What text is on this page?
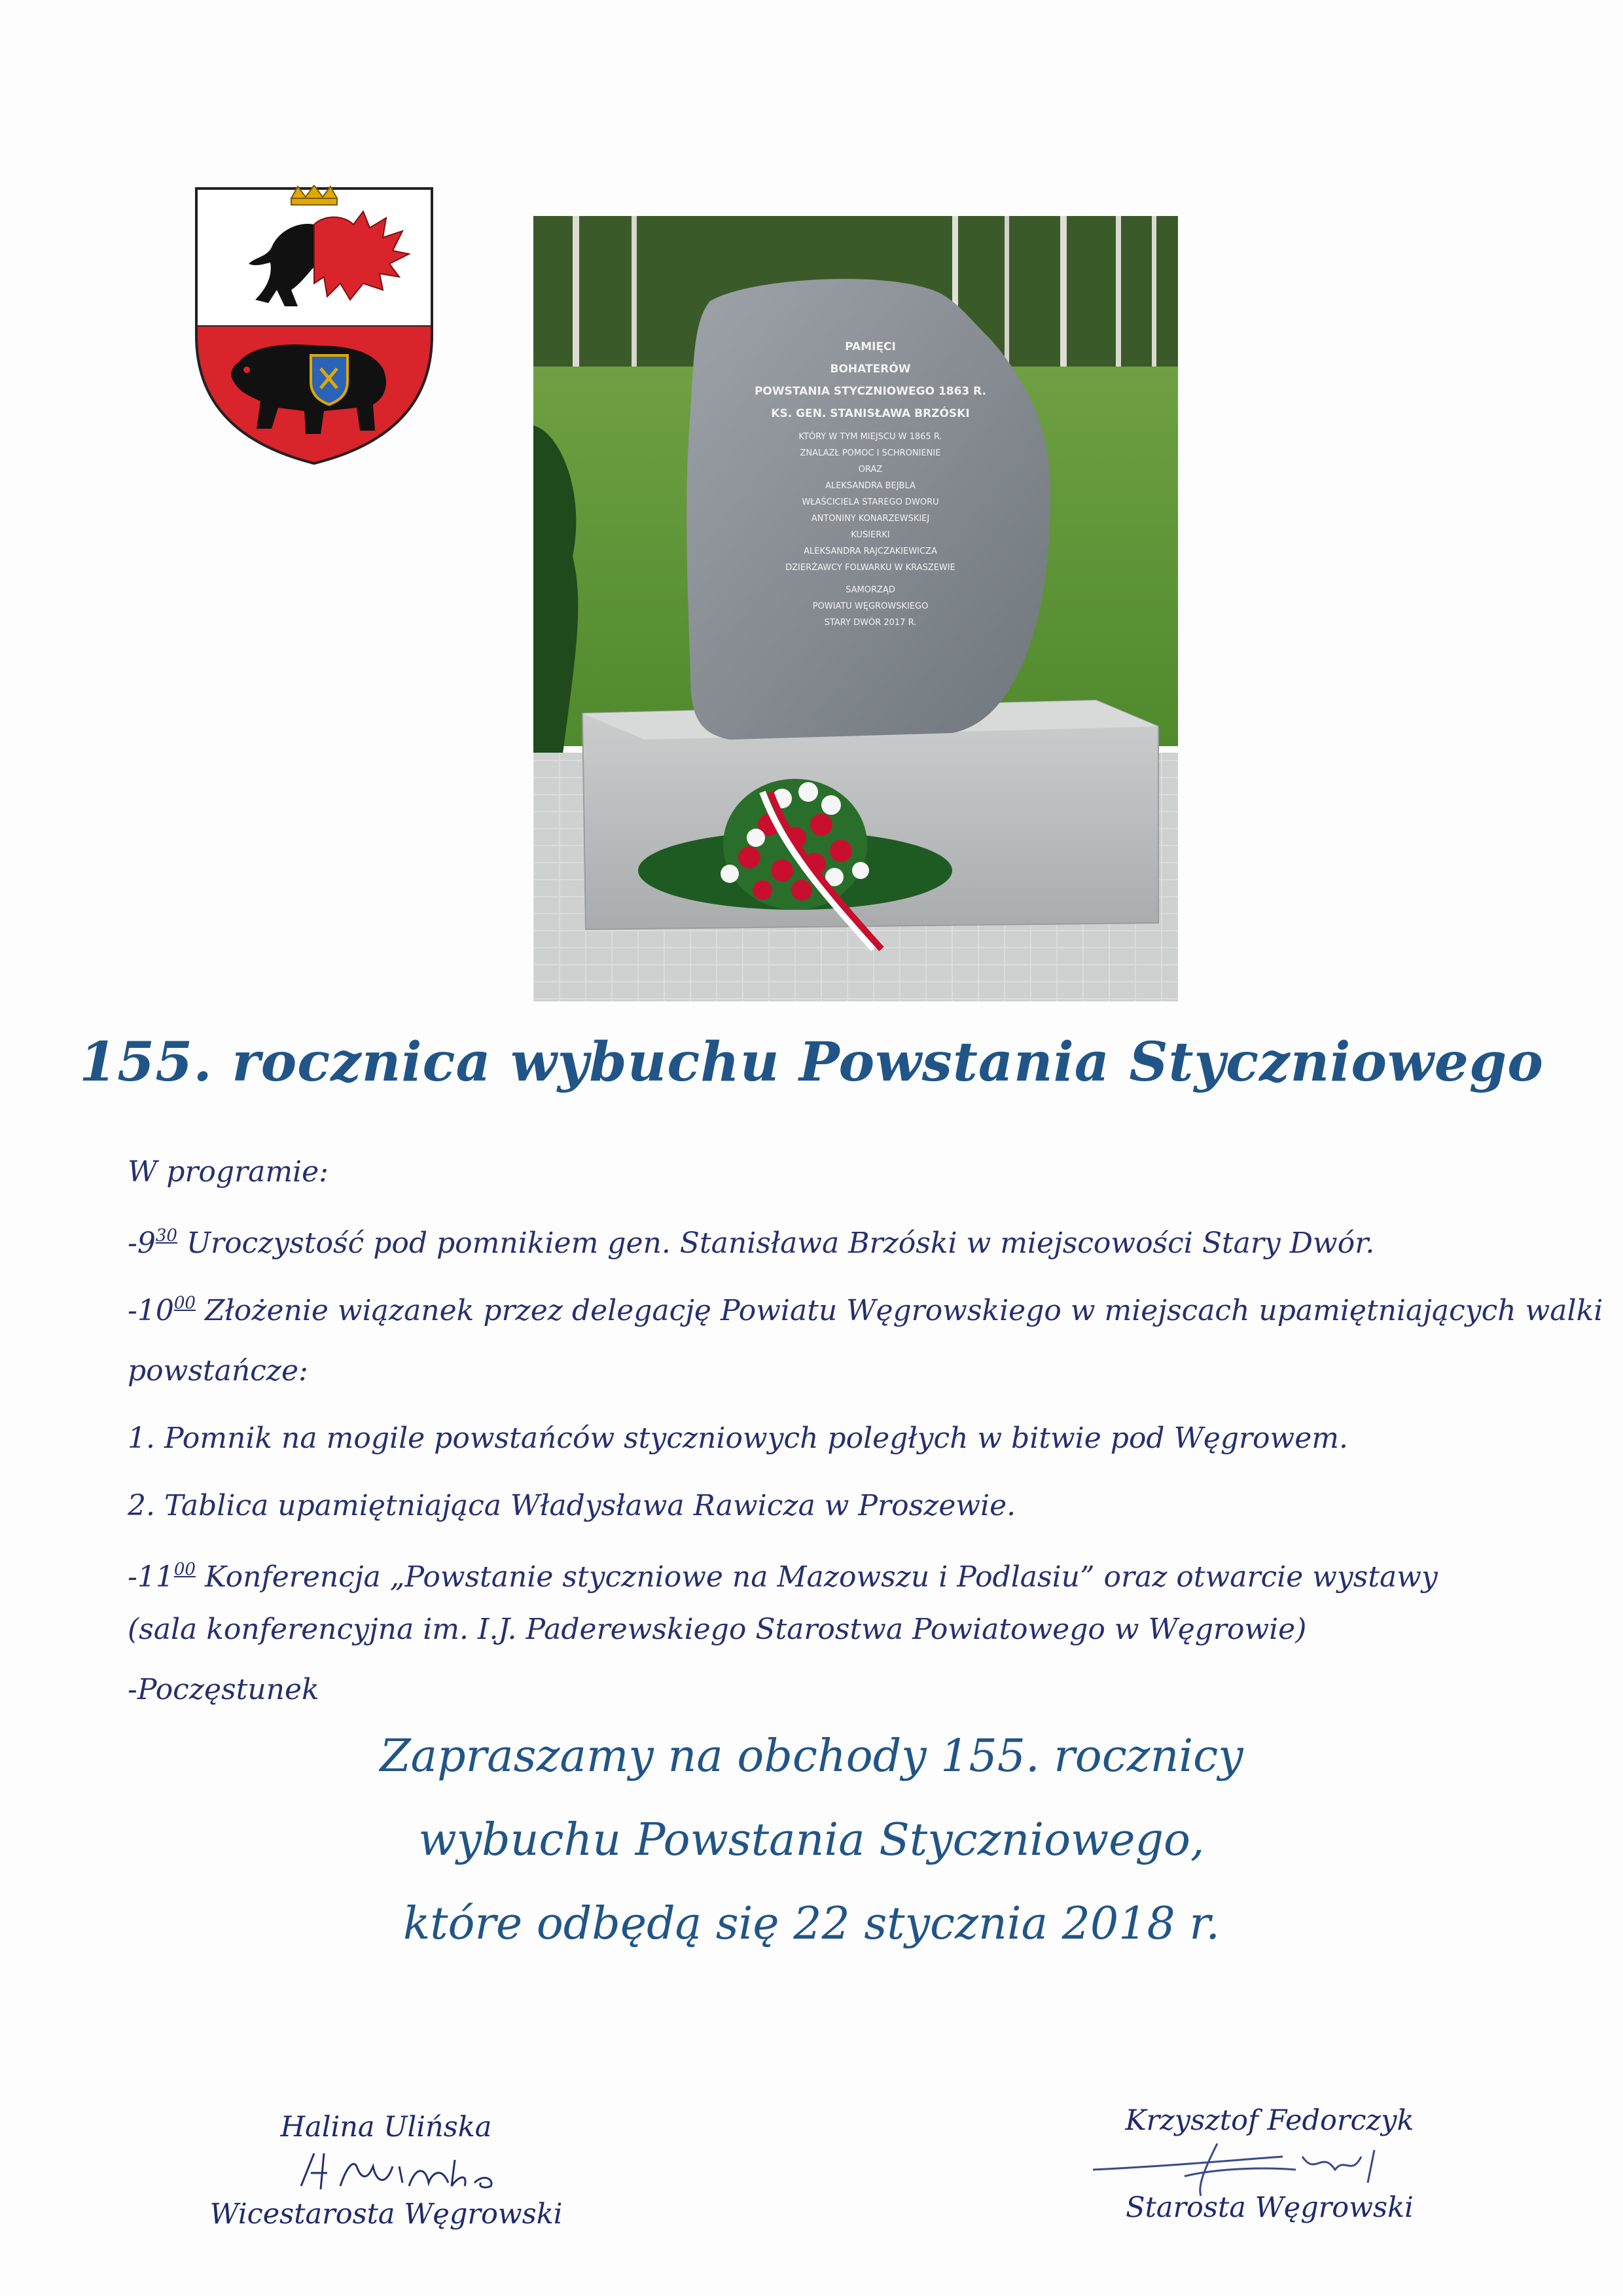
PAMIĘCI
BOHATERÓW
POWSTANIA STYCZNIOWEGO 1863 R.
KS. GEN. STANISŁAWA BRZÓSKI
KTÓRY W TYM MIEJSCU W 1865 R.
ZNALAZŁ POMOC I SCHRONIENIE
ORAZ
ALEKSANDRA BEJBLA
WŁAŚCICIELA STAREGO DWORU
ANTONINY KONARZEWSKIEJ
KUSIERKI
ALEKSANDRA RAJCZAKIEWICZA
DZIERŻAWCY FOLWARKU W KRASZEWIE
SAMORZĄD
POWIATU WĘGROWSKIEGO
STARY DWÓR 2017 R.
155. rocznica wybuchu Powstania Styczniowego
W programie:
$-9^{30}$ Uroczystość pod pomnikiem gen. Stanisława Brzóski w miejscowości Stary Dwór.
$-10^{00}$ Złożenie wiązanek przez delegację Powiatu Węgrowskiego w miejscach upamiętniających walki
powstańcze:
1. Pomnik na mogile powstańców styczniowych poległych w bitwie pod Węgrowem.
2. Tablica upamiętniająca Władysława Rawicza w Proszewie.
$-11^{00}$ Konferencja „Powstanie styczniowe na Mazowszu i Podlasiu” oraz otwarcie wystawy
(sala konferencyjna im. I.J. Paderewskiego Starostwa Powiatowego w Węgrowie)
-Poczęstunek
Zapraszamy na obchody 155. rocznicy
wybuchu Powstania Styczniowego,
które odbędą się 22 stycznia 2018 r.
Halina Ulińska
Wicestarosta Węgrowski
Krzysztof Fedorczyk
Starosta Węgrowski
